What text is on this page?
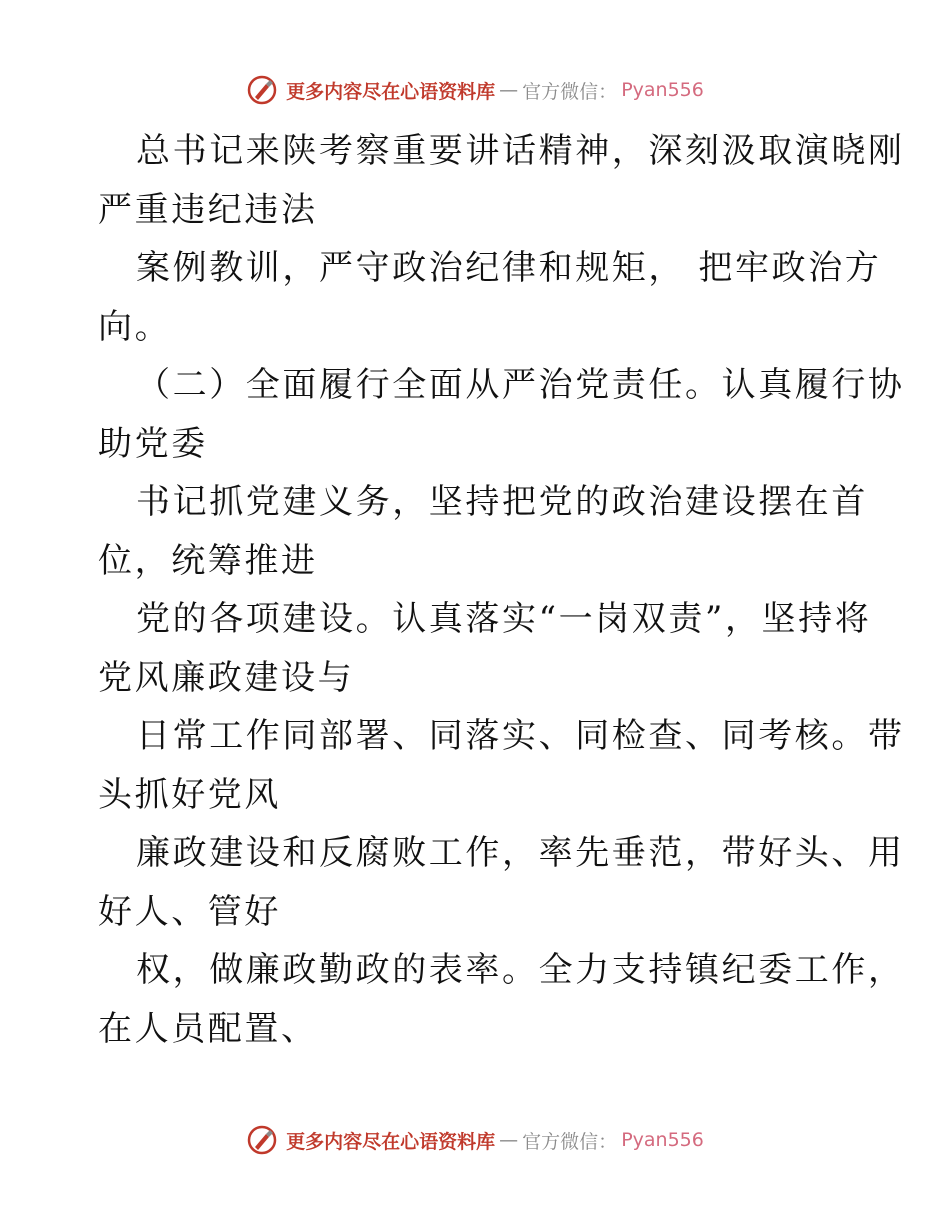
更多内容尽在心语资料库 — 官方微信： Pyan556
总书记来陕考察重要讲话精神，深刻汲取演晓刚
严重违纪违法
案例教训，严守政治纪律和规矩， 把牢政治方
向。
（二）全面履行全面从严治党责任。认真履行协
助党委
书记抓党建义务，坚持把党的政治建设摆在首
位，统筹推进
党的各项建设。认真落实“一岗双责”，坚持将
党风廉政建设与
日常工作同部署、同落实、同检查、同考核。带
头抓好党风
廉政建设和反腐败工作，率先垂范，带好头、用
好人、管好
权，做廉政勤政的表率。全力支持镇纪委工作，
在人员配置、
更多内容尽在心语资料库 — 官方微信： Pyan556
